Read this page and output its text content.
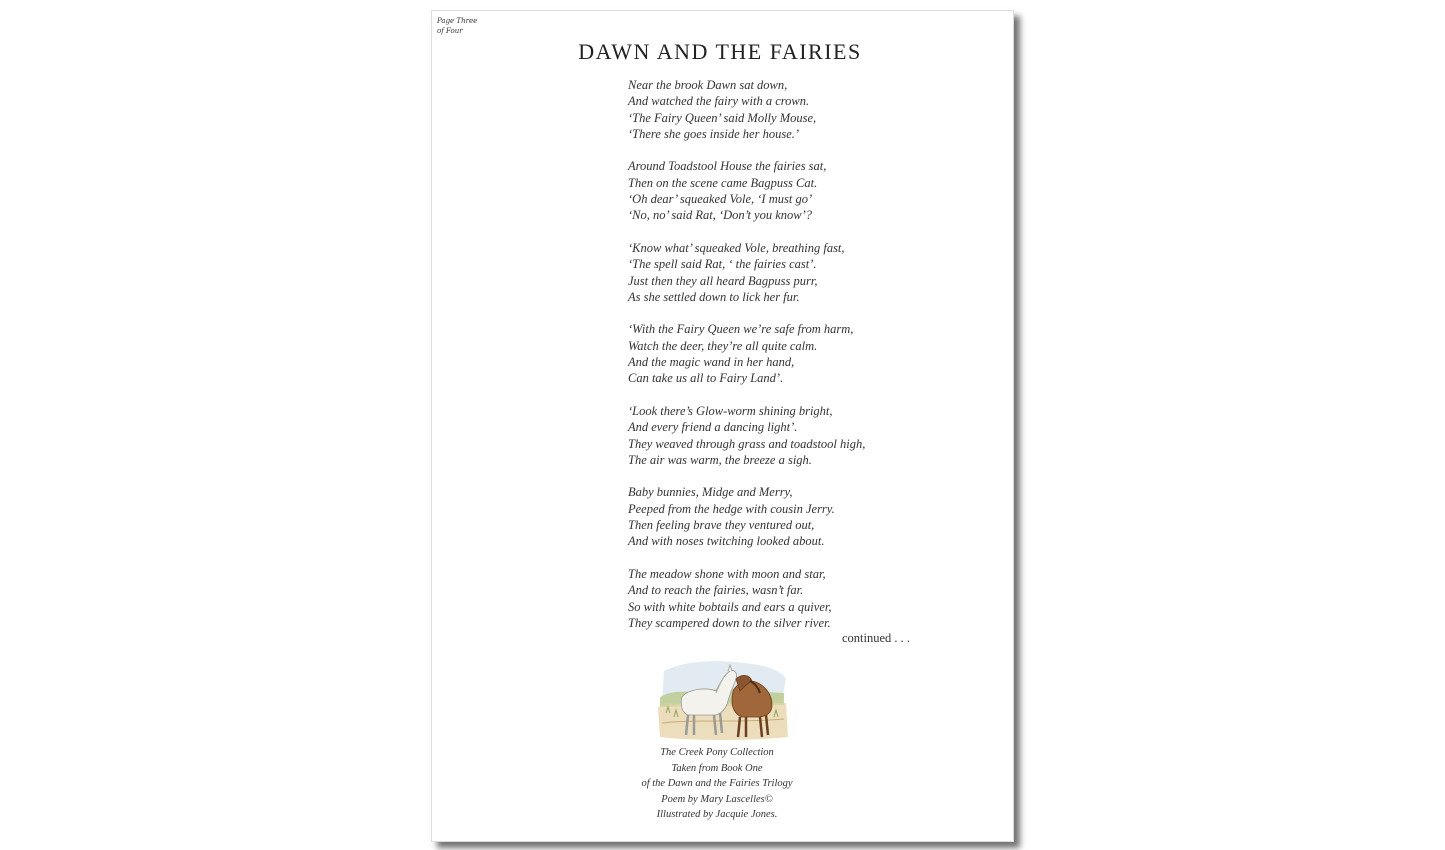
Page Three
of Four
DAWN AND THE FAIRIES
Near the brook Dawn sat down,
And watched the fairy with a crown.
‘The Fairy Queen’ said Molly Mouse,
‘There she goes inside her house.’
Around Toadstool House the fairies sat,
Then on the scene came Bagpuss Cat.
‘Oh dear’ squeaked Vole, ‘I must go’
‘No, no’ said Rat, ‘Don’t you know’?
‘Know what’ squeaked Vole, breathing fast,
‘The spell said Rat, ‘ the fairies cast’.
Just then they all heard Bagpuss purr,
As she settled down to lick her fur.
‘With the Fairy Queen we’re safe from harm,
Watch the deer, they’re all quite calm.
And the magic wand in her hand,
Can take us all to Fairy Land’.
‘Look there’s Glow-worm shining bright,
And every friend a dancing light’.
They weaved through grass and toadstool high,
The air was warm, the breeze a sigh.
Baby bunnies, Midge and Merry,
Peeped from the hedge with cousin Jerry.
Then feeling brave they ventured out,
And with noses twitching looked about.
The meadow shone with moon and star,
And to reach the fairies, wasn’t far.
So with white bobtails and ears a quiver,
They scampered down to the silver river.
continued . . .
The Creek Pony Collection
Taken from Book One
of the Dawn and the Fairies Trilogy
Poem by Mary Lascelles©
Illustrated by Jacquie Jones.
